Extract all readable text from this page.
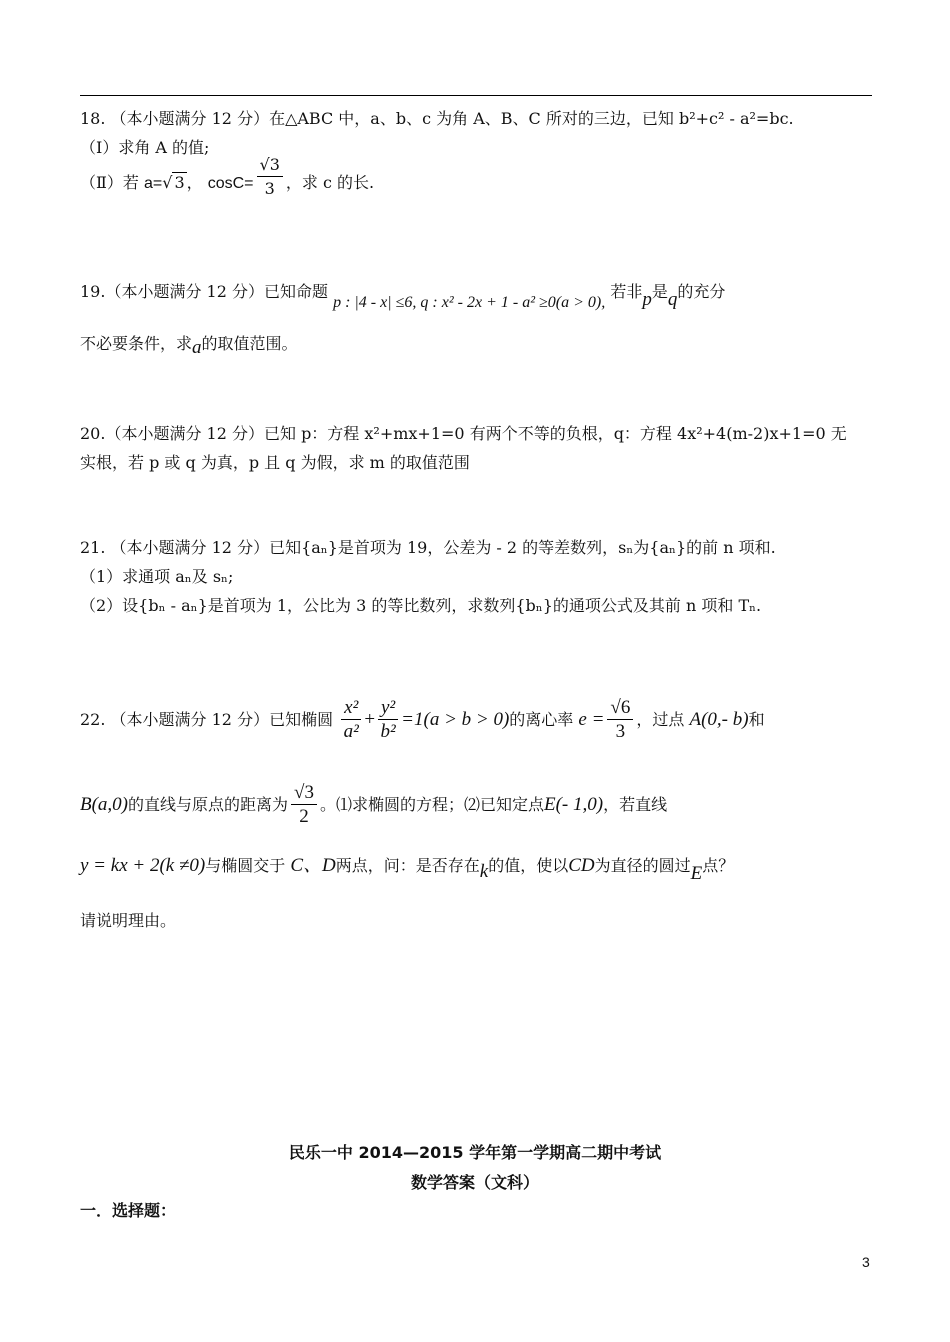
18. （本小题满分 12 分）在△ABC 中，a、b、c 为角 A、B、C 所对的三边，已知 b²+c² - a²=bc.
（Ⅰ）求角 A 的值;
（Ⅱ）若 a=√ 3 ， $\cos C= \frac{√3}{3}$ ，求 c 的长.
19.（本小题满分 12 分）已知命题 p : |4 - x| ≤6, q : x² - 2x + 1 - a² ≥0(a > 0), 若非p是q的充分
不必要条件，求a的取值范围。
20.（本小题满分 12 分）已知 p：方程 x²+mx+1=0 有两个不等的负根，q：方程 4x²+4(m-2)x+1=0 无
实根，若 p 或 q 为真，p 且 q 为假，求 m 的取值范围
21. （本小题满分 12 分）已知{aₙ}是首项为 19，公差为 - 2 的等差数列，sₙ为{aₙ}的前 n 项和.
（1）求通项 aₙ及 sₙ;
（2）设{bₙ - aₙ}是首项为 1，公比为 3 的等比数列，求数列{bₙ}的通项公式及其前 n 项和 Tₙ.
22. （本小题满分 12 分）已知椭圆 $\frac{\text{x²}}{\text{a²}} + \frac{\text{y²}}{\text{b²}} =1(a > b > 0)$的离心率 $e = \frac{√6}{3}$ ，过点 A(0,- b)和
B(a,0)的直线与原点的距离为 $\frac{√3}{2}$ 。⑴求椭圆的方程；⑵已知定点E(- 1,0)，若直线
y = kx + 2(k ≠0)与椭圆交于 C、D两点，问：是否存在k的值，使以CD为直径的圆过E点？
请说明理由。
民乐一中 2014—2015 学年第一学期高二期中考试
数学答案（文科）
一．选择题：
3
